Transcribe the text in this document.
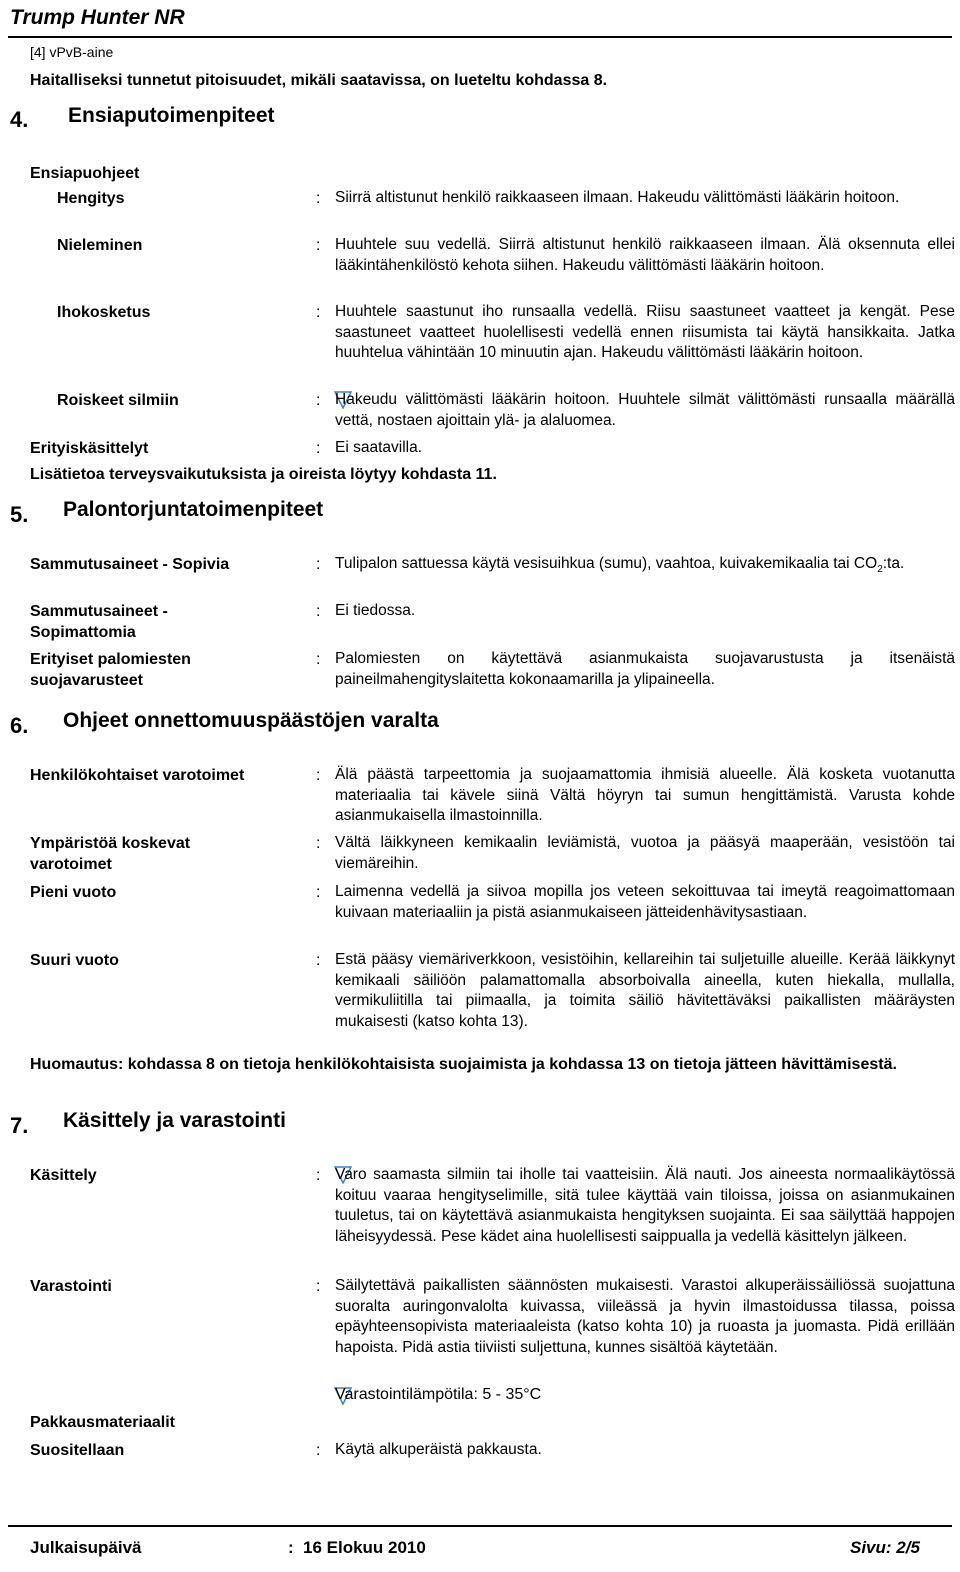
Trump Hunter NR
[4] vPvB-aine
Haitalliseksi tunnetut pitoisuudet, mikäli saatavissa, on lueteltu kohdassa 8.
4. Ensiaputoimenpiteet
Ensiapuohjeet
Hengitys	: Siirrä altistunut henkilö raikkaaseen ilmaan. Hakeudu välittömästi lääkärin hoitoon.
Nieleminen	: Huuhtele suu vedellä. Siirrä altistunut henkilö raikkaaseen ilmaan. Älä oksennuta ellei lääkintähenkilöstö kehota siihen. Hakeudu välittömästi lääkärin hoitoon.
Ihokosketus	: Huuhtele saastunut iho runsaalla vedellä. Riisu saastuneet vaatteet ja kengät. Pese saastuneet vaatteet huolellisesti vedellä ennen riisumista tai käytä hansikkaita. Jatka huuhtelua vähintään 10 minuutin ajan. Hakeudu välittömästi lääkärin hoitoon.
Roiskeet silmiin	: Hakeudu välittömästi lääkärin hoitoon. Huuhtele silmät välittömästi runsaalla määrällä vettä, nostaen ajoittain ylä- ja alaluomea.
Erityiskäsittelyt	: Ei saatavilla.
Lisätietoa terveysvaikutuksista ja oireista löytyy kohdasta 11.
5. Palontorjuntatoimenpiteet
Sammutusaineet - Sopivia	: Tulipalon sattuessa käytä vesisuihkua (sumu), vaahtoa, kuivakemikaalia tai $CO_2:ta$.
Sammutusaineet -
Sopimattomia
: Ei tiedossa.
Erityiset palomiesten
suojavarusteet
: Palomiesten on käytettävä asianmukaista suojavarustusta ja itsenäistä paineilmahengityslaitetta kokonaamarilla ja ylipaineella.
6. Ohjeet onnettomuuspäästöjen varalta
Henkilökohtaiset varotoimet	: Älä päästä tarpeettomia ja suojaamattomia ihmisiä alueelle. Älä kosketa vuotanutta materiaalia tai kävele siinä Vältä höyryn tai sumun hengittämistä. Varusta kohde asianmukaisella ilmastoinnilla.
Ympäristöä koskevat
varotoimet
: Vältä läikkyneen kemikaalin leviämistä, vuotoa ja pääsyä maaperään, vesistöön tai viemäreihin.
Pieni vuoto	: Laimenna vedellä ja siivoa mopilla jos veteen sekoittuvaa tai imeytä reagoimattomaan kuivaan materiaaliin ja pistä asianmukaiseen jätteidenhävitysastiaan.
Suuri vuoto	: Estä pääsy viemäriverkkoon, vesistöihin, kellareihin tai suljetuille alueille. Kerää läikkynyt kemikaali säiliöön palamattomalla absorboivalla aineella, kuten hiekalla, mullalla, vermikuliitilla tai piimaalla, ja toimita säiliö hävitettäväksi paikallisten määräysten mukaisesti (katso kohta 13).
Huomautus: kohdassa 8 on tietoja henkilökohtaisista suojaimista ja kohdassa 13 on tietoja jätteen hävittämisestä.
7. Käsittely ja varastointi
Käsittely	: Varo saamasta silmiin tai iholle tai vaatteisiin. Älä nauti. Jos aineesta normaalikäytössä koituu vaaraa hengityselimille, sitä tulee käyttää vain tiloissa, joissa on asianmukainen tuuletus, tai on käytettävä asianmukaista hengityksen suojainta. Ei saa säilyttää happojen läheisyydessä. Pese kädet aina huolellisesti saippualla ja vedellä käsittelyn jälkeen.
Varastointi	: Säilytettävä paikallisten säännösten mukaisesti. Varastoi alkuperäissäiliössä suojattuna suoralta auringonvalolta kuivassa, viileässä ja hyvin ilmastoidussa tilassa, poissa epäyhteensopivista materiaaleista (katso kohta 10) ja ruoasta ja juomasta. Pidä erillään hapoista. Pidä astia tiiviisti suljettuna, kunnes sisältöä käytetään.
Varastointilämpötila: 5 - 35°C
Pakkausmateriaalit
Suositellaan	: Käytä alkuperäistä pakkausta.
Julkaisupäivä	: 16 Elokuu 2010	Sivu: 2/5
